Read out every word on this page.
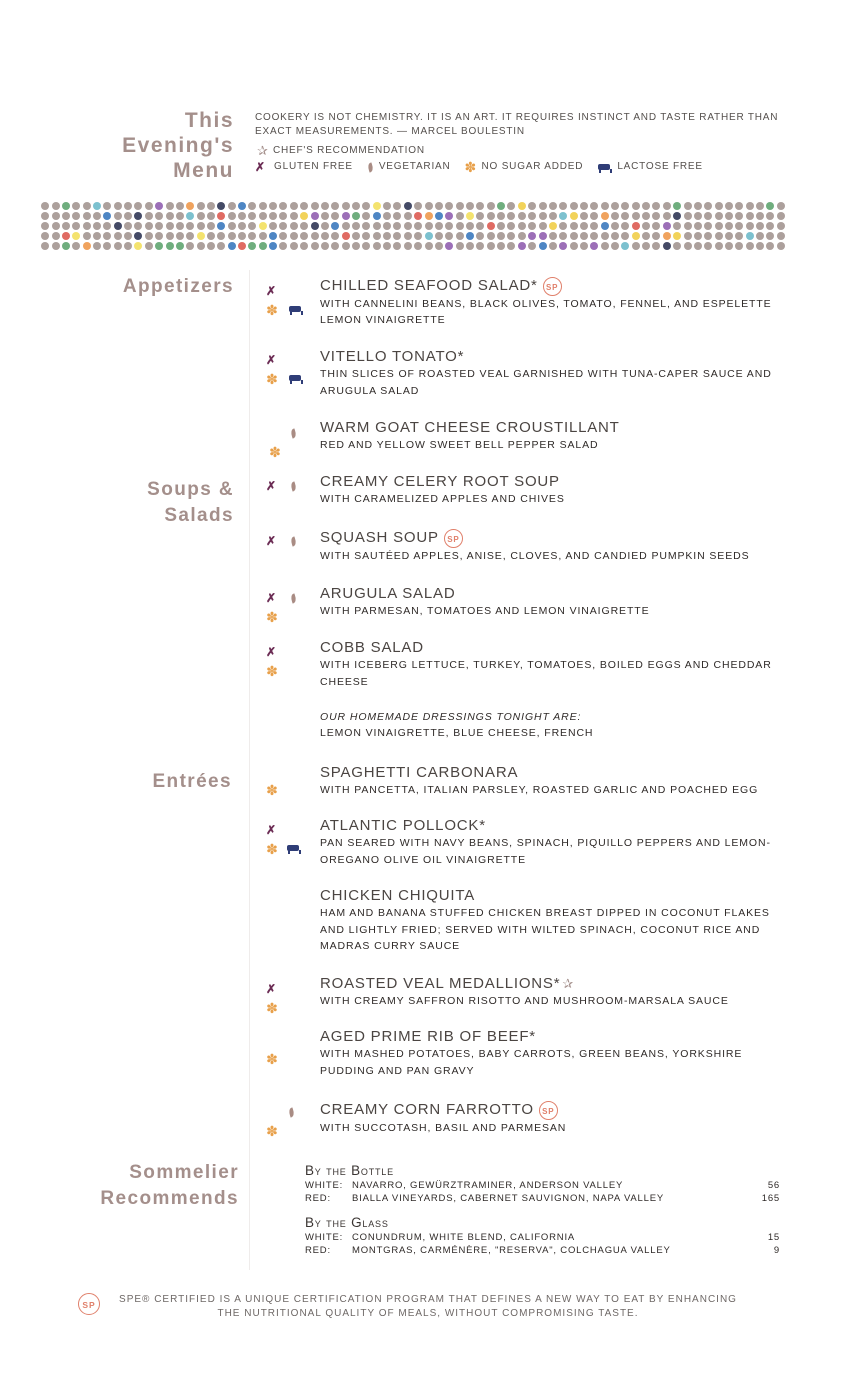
This
Evening's
Menu
COOKERY IS NOT CHEMISTRY. IT IS AN ART. IT REQUIRES INSTINCT AND TASTE RATHER THAN EXACT MEASUREMENTS. — MARCEL BOULESTIN
✰ CHEF'S RECOMMENDATION
✗ GLUTEN FREE	VEGETARIAN ✽ NO SUGAR ADDED	LACTOSE FREE
Appetizers
Soups &
Salads
Entrées
Sommelier
Recommends
✗
✽
✗
✽

✽
✗
✗
✗
✽
✗
✽
✽
✗
✽
✗
✽
✽

✽
CHILLED SEAFOOD SALAD* SP
WITH CANNELINI BEANS, BLACK OLIVES, TOMATO, FENNEL, AND ESPELETTE LEMON VINAIGRETTE
VITELLO TONATO*
THIN SLICES OF ROASTED VEAL GARNISHED WITH TUNA-CAPER SAUCE AND ARUGULA SALAD
WARM GOAT CHEESE CROUSTILLANT
RED AND YELLOW SWEET BELL PEPPER SALAD
CREAMY CELERY ROOT SOUP
WITH CARAMELIZED APPLES AND CHIVES
SQUASH SOUP SP
WITH SAUTÉED APPLES, ANISE, CLOVES, AND CANDIED PUMPKIN SEEDS
ARUGULA SALAD
WITH PARMESAN, TOMATOES AND LEMON VINAIGRETTE
COBB SALAD
WITH ICEBERG LETTUCE, TURKEY, TOMATOES, BOILED EGGS AND CHEDDAR CHEESE
OUR HOMEMADE DRESSINGS TONIGHT ARE:
LEMON VINAIGRETTE, BLUE CHEESE, FRENCH
SPAGHETTI CARBONARA
WITH PANCETTA, ITALIAN PARSLEY, ROASTED GARLIC AND POACHED EGG
ATLANTIC POLLOCK*
PAN SEARED WITH NAVY BEANS, SPINACH, PIQUILLO PEPPERS AND LEMON-OREGANO OLIVE OIL VINAIGRETTE
CHICKEN CHIQUITA
HAM AND BANANA STUFFED CHICKEN BREAST DIPPED IN COCONUT FLAKES AND LIGHTLY FRIED; SERVED WITH WILTED SPINACH, COCONUT RICE AND MADRAS CURRY SAUCE
ROASTED VEAL MEDALLIONS* ✰
WITH CREAMY SAFFRON RISOTTO AND MUSHROOM-MARSALA SAUCE
AGED PRIME RIB OF BEEF*
WITH MASHED POTATOES, BABY CARROTS, GREEN BEANS, YORKSHIRE PUDDING AND PAN GRAVY
CREAMY CORN FARROTTO SP
WITH SUCCOTASH, BASIL AND PARMESAN
By the Bottle
WHITE: NAVARRO, GEWÜRZTRAMINER, ANDERSON VALLEY	56
RED:	BIALLA VINEYARDS, CABERNET SAUVIGNON, NAPA VALLEY	165
By the Glass
WHITE: CONUNDRUM, WHITE BLEND, CALIFORNIA	15
RED:	MONTGRAS, CARMÉNÈRE, "RESERVA", COLCHAGUA VALLEY	9
SP	SPE® CERTIFIED IS A UNIQUE CERTIFICATION PROGRAM THAT DEFINES A NEW WAY TO EAT BY ENHANCING
THE NUTRITIONAL QUALITY OF MEALS, WITHOUT COMPROMISING TASTE.
